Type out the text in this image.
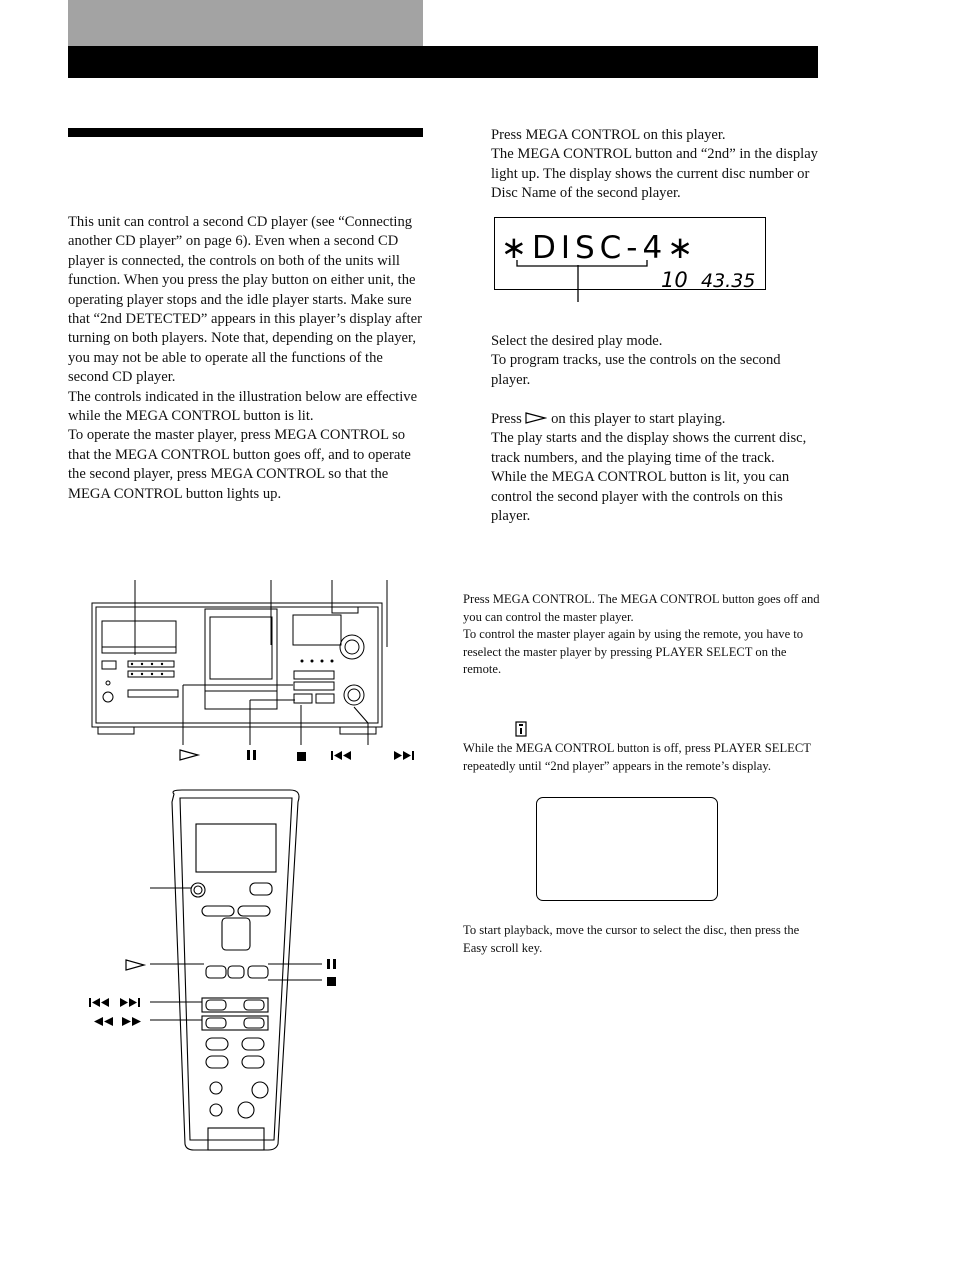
This unit can control a second CD player (see “Connecting another CD player” on page 6). Even when a second CD player is connected, the controls on both of the units will function. When you press the play button on either unit, the operating player stops and the idle player starts. Make sure that “2nd DETECTED” appears in this player’s display after turning on both players. Note that, depending on the player, you may not be able to operate all the functions of the second CD player.

The controls indicated in the illustration below are effective while the MEGA CONTROL button is lit.

To operate the master player, press MEGA CONTROL so that the MEGA CONTROL button goes off, and to operate the second player, press MEGA CONTROL so that the MEGA CONTROL button lights up.

Press MEGA CONTROL on this player.

The MEGA CONTROL button and “2nd” in the display light up. The display shows the current disc number or Disc Name of the second player.

∗DISC-4∗
10 43.35

Select the desired play mode.

To program tracks, use the controls on the second player.

Press  on this player to start playing.

The play starts and the display shows the current disc, track numbers, and the playing time of the track.

While the MEGA CONTROL button is lit, you can control the second player with the controls on this player.

Press MEGA CONTROL. The MEGA CONTROL button goes off and you can control the master player.

To control the master player again by using the remote, you have to reselect the master player by pressing PLAYER SELECT on the remote.

While the MEGA CONTROL button is off, press PLAYER SELECT repeatedly until “2nd player” appears in the remote’s display.

To start playback, move the cursor to select the disc, then press the Easy scroll key.
